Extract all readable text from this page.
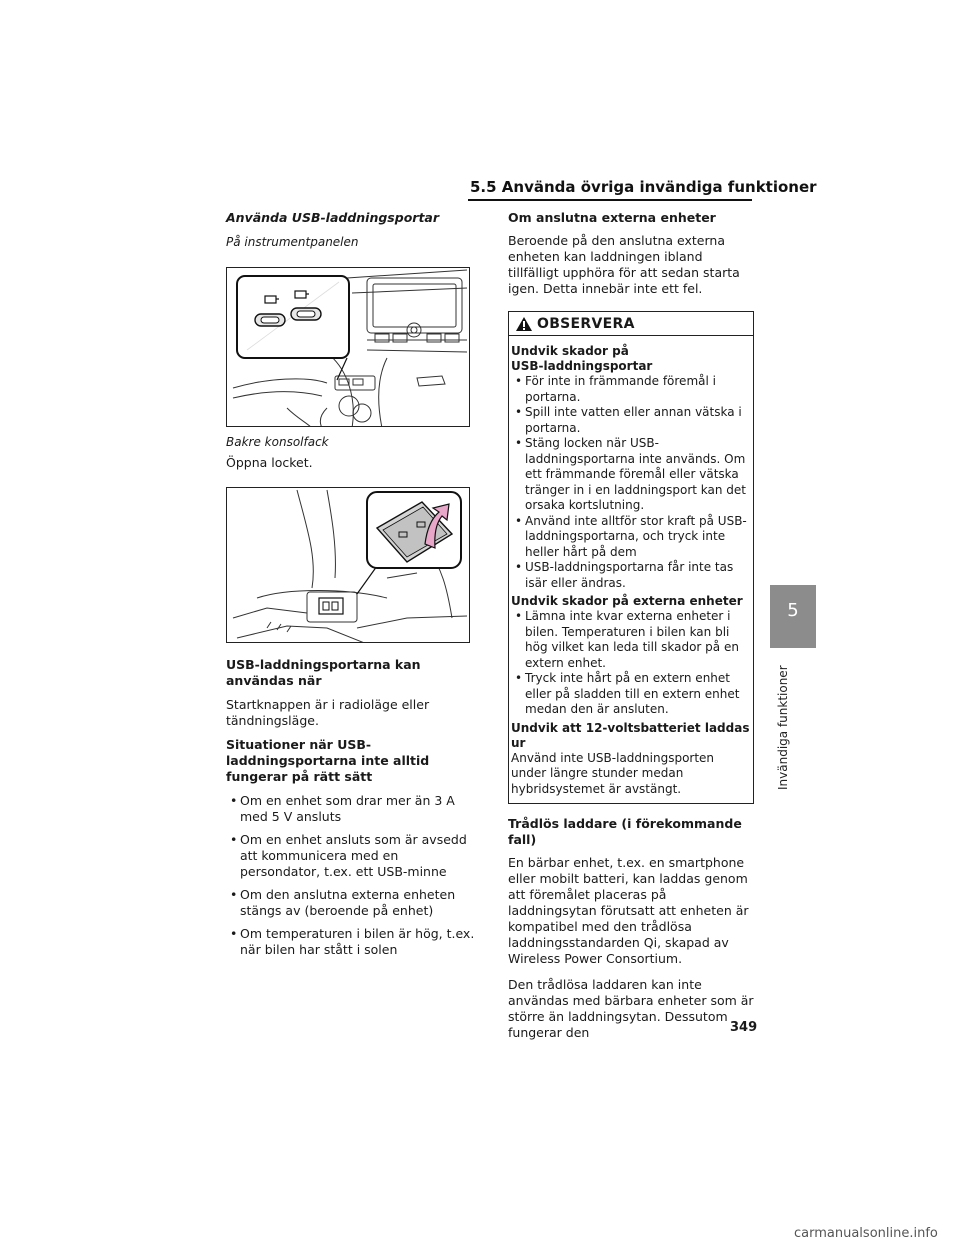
5.5 Använda övriga invändiga funktioner
Använda USB-laddningsportar
På instrumentpanelen
Bakre konsolfack

Öppna locket.

USB-laddningsportarna kan användas när

Startknappen är i radioläge eller tändningsläge.

Situationer när USB-laddningsportarna inte alltid fungerar på rätt sätt
• Om en enhet som drar mer än 3 A med 5 V ansluts
• Om en enhet ansluts som är avsedd att kommunicera med en persondator, t.ex. ett USB-minne
• Om den anslutna externa enheten stängs av (beroende på enhet)
• Om temperaturen i bilen är hög, t.ex. när bilen har stått i solen
Om anslutna externa enheter

Beroende på den anslutna externa enheten kan laddningen ibland tillfälligt upphöra för att sedan starta igen. Detta innebär inte ett fel.

OBSERVERA
Undvik skador på USB-laddningsportar
• För inte in främmande föremål i portarna.
• Spill inte vatten eller annan vätska i portarna.
• Stäng locken när USB-laddningsportarna inte används. Om ett främmande föremål eller vätska tränger in i en laddningsport kan det orsaka kortslutning.
• Använd inte alltför stor kraft på USB-laddningsportarna, och tryck inte heller hårt på dem
• USB-laddningsportarna får inte tas isär eller ändras.
Undvik skador på externa enheter
• Lämna inte kvar externa enheter i bilen. Temperaturen i bilen kan bli hög vilket kan leda till skador på en extern enhet.
• Tryck inte hårt på en extern enhet eller på sladden till en extern enhet medan den är ansluten.
Undvik att 12-voltsbatteriet laddas ur

Använd inte USB-laddningsporten under längre stunder medan hybridsystemet är avstängt.

Trådlös laddare (i förekommande fall)

En bärbar enhet, t.ex. en smartphone eller mobilt batteri, kan laddas genom att föremålet placeras på laddningsytan förutsatt att enheten är kompatibel med den trådlösa laddningsstandarden Qi, skapad av Wireless Power Consortium.

Den trådlösa laddaren kan inte användas med bärbara enheter som är större än laddningsytan. Dessutom fungerar den

5
Invändiga funktioner
349
carmanualsonline.info
